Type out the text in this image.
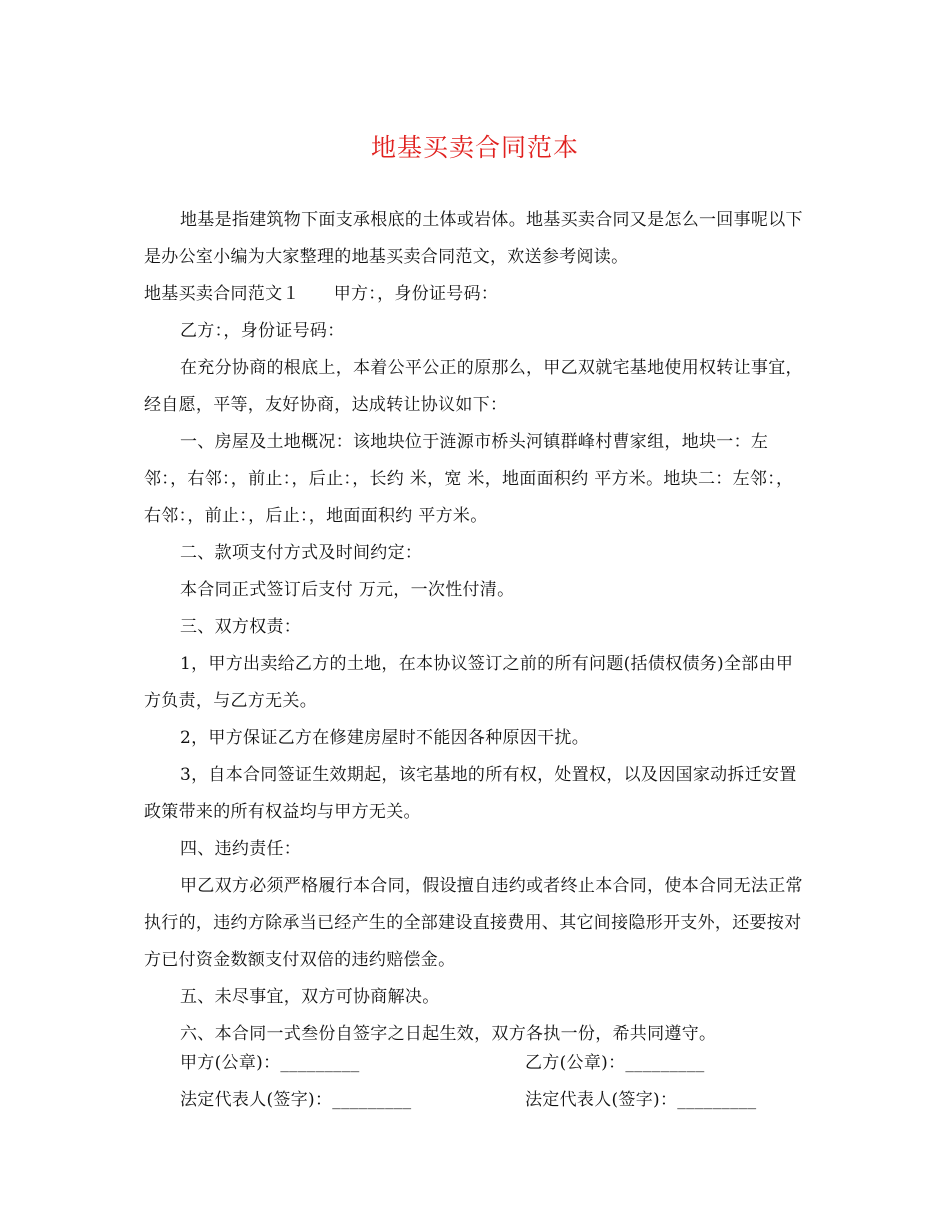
地基买卖合同范本

地基是指建筑物下面支承根底的土体或岩体。地基买卖合同又是怎么一回事呢以下是办公室小编为大家整理的地基买卖合同范文，欢送参考阅读。

地基买卖合同范文１ 甲方：，身份证号码：

乙方：，身份证号码：

在充分协商的根底上，本着公平公正的原那么，甲乙双就宅基地使用权转让事宜，经自愿，平等，友好协商，达成转让协议如下：

一、房屋及土地概况：该地块位于涟源市桥头河镇群峰村曹家组，地块一：左邻：，右邻：，前止：，后止：，长约 米，宽 米，地面面积约 平方米。地块二：左邻：，右邻：，前止：，后止：，地面面积约 平方米。

二、款项支付方式及时间约定：

本合同正式签订后支付 万元，一次性付清。

三、双方权责：

1，甲方出卖给乙方的土地，在本协议签订之前的所有问题(括债权债务)全部由甲方负责，与乙方无关。

2，甲方保证乙方在修建房屋时不能因各种原因干扰。

3，自本合同签证生效期起，该宅基地的所有权，处置权，以及因国家动拆迁安置政策带来的所有权益均与甲方无关。

四、违约责任：

甲乙双方必须严格履行本合同，假设擅自违约或者终止本合同，使本合同无法正常执行的，违约方除承当已经产生的全部建设直接费用、其它间接隐形开支外，还要按对方已付资金数额支付双倍的违约赔偿金。

五、未尽事宜，双方可协商解决。

六、本合同一式叁份自签字之日起生效，双方各执一份，希共同遵守。

甲方(公章)：_________	乙方(公章)：_________
法定代表人(签字)：_________	法定代表人(签字)：_________
